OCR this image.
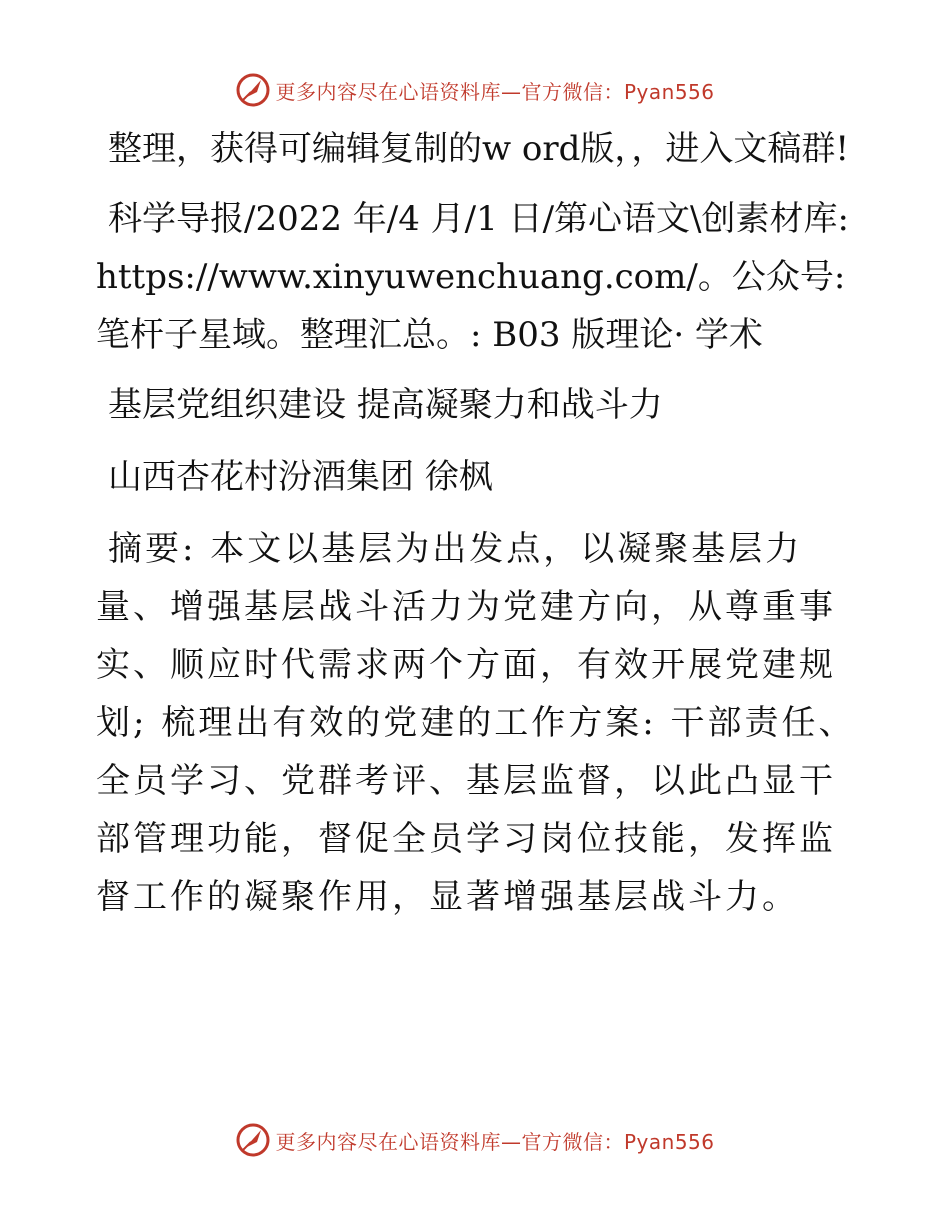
更多内容尽在心语资料库—官方微信：Pyan556

整理，获得可编辑复制的w ord版，，进入文稿群!

科学导报/2022 年/4 月/1 日/第心语文\创素材库: https://www.xinyuwenchuang.com/。公众号: 笔杆子星域。整理汇总。: B03 版理论· 学术

基层党组织建设 提高凝聚力和战斗力

山西杏花村汾酒集团 徐枫

摘要: 本文以基层为出发点，以凝聚基层力量、增强基层战斗活力为党建方向，从尊重事实、顺应时代需求两个方面，有效开展党建规划; 梳理出有效的党建的工作方案: 干部责任、全员学习、党群考评、基层监督，以此凸显干部管理功能，督促全员学习岗位技能，发挥监督工作的凝聚作用，显著增强基层战斗力。

更多内容尽在心语资料库—官方微信：Pyan556
